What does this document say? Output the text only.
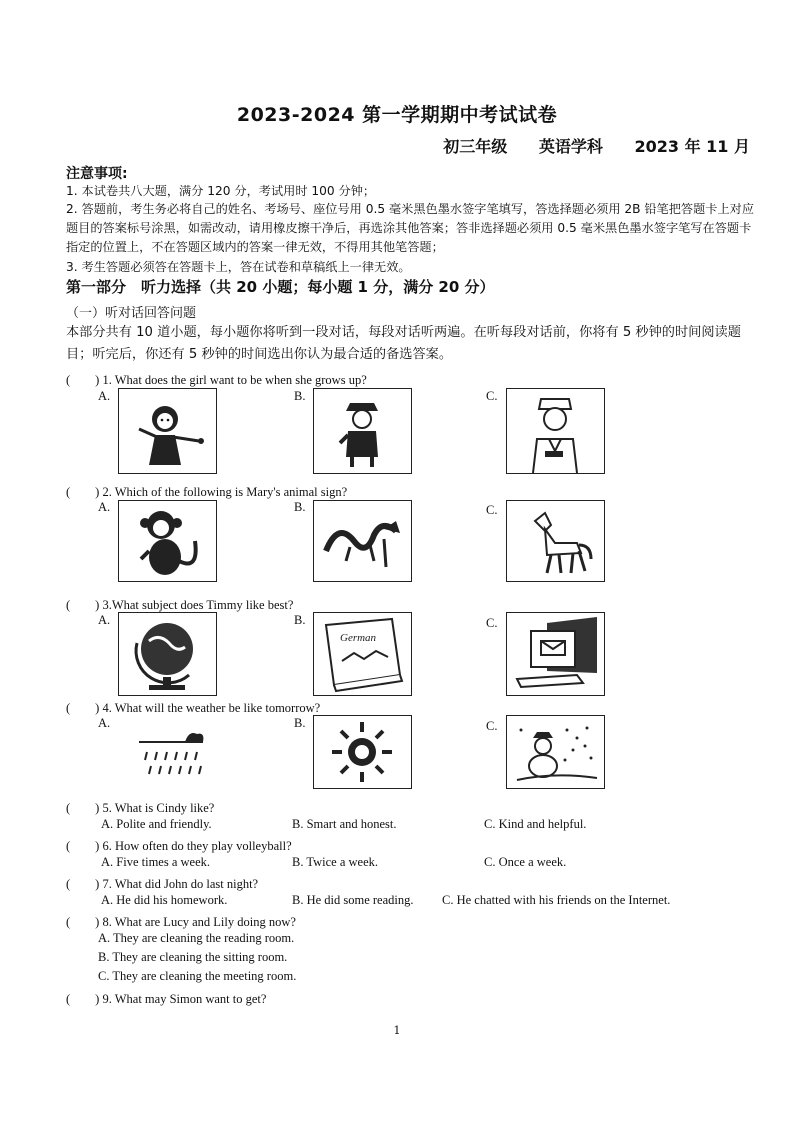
2023-2024 第一学期期中考试试卷
初三年级 英语学科 2023 年 11 月
注意事项:
1. 本试卷共八大题，满分 120 分，考试用时 100 分钟；
2. 答题前，考生务必将自己的姓名、考场号、座位号用 0.5 毫米黑色墨水签字笔填写，答选择题必须用 2B 铅笔把答题卡上对应题目的答案标号涂黑，如需改动，请用橡皮擦干净后，再选涂其他答案；答非选择题必须用 0.5 毫米黑色墨水签字笔写在答题卡指定的位置上，不在答题区域内的答案一律无效，不得用其他笔答题；
3. 考生答题必须答在答题卡上，答在试卷和草稿纸上一律无效。
第一部分　听力选择（共 20 小题；每小题 1 分，满分 20 分）
（一）听对话回答问题
本部分共有 10 道小题，每小题你将听到一段对话，每段对话听两遍。在听每段对话前，你将有 5 秒钟的时间阅读题目；听完后，你还有 5 秒钟的时间选出你认为最合适的备选答案。
(　　) 1. What does the girl want to be when she grows up?
A.	B.	C.
(　　) 2. Which of the following is Mary's animal sign?
A.	B.	C.
(　　) 3.What subject does Timmy like best?
A.	B.	C.
German
(　　) 4. What will the weather be like tomorrow?
A.	B.	C.
(　　) 5. What is Cindy like?
A. Polite and friendly.	B. Smart and honest.	C. Kind and helpful.
(　　) 6. How often do they play volleyball?
A. Five times a week.	B. Twice a week.	C. Once a week.
(　　) 7. What did John do last night?
A. He did his homework.	B. He did some reading. C. He chatted with his friends on the Internet.
(　　) 8. What are Lucy and Lily doing now?
A. They are cleaning the reading room.
B. They are cleaning the sitting room.
C. They are cleaning the meeting room.
(　　) 9. What may Simon want to get?
1
